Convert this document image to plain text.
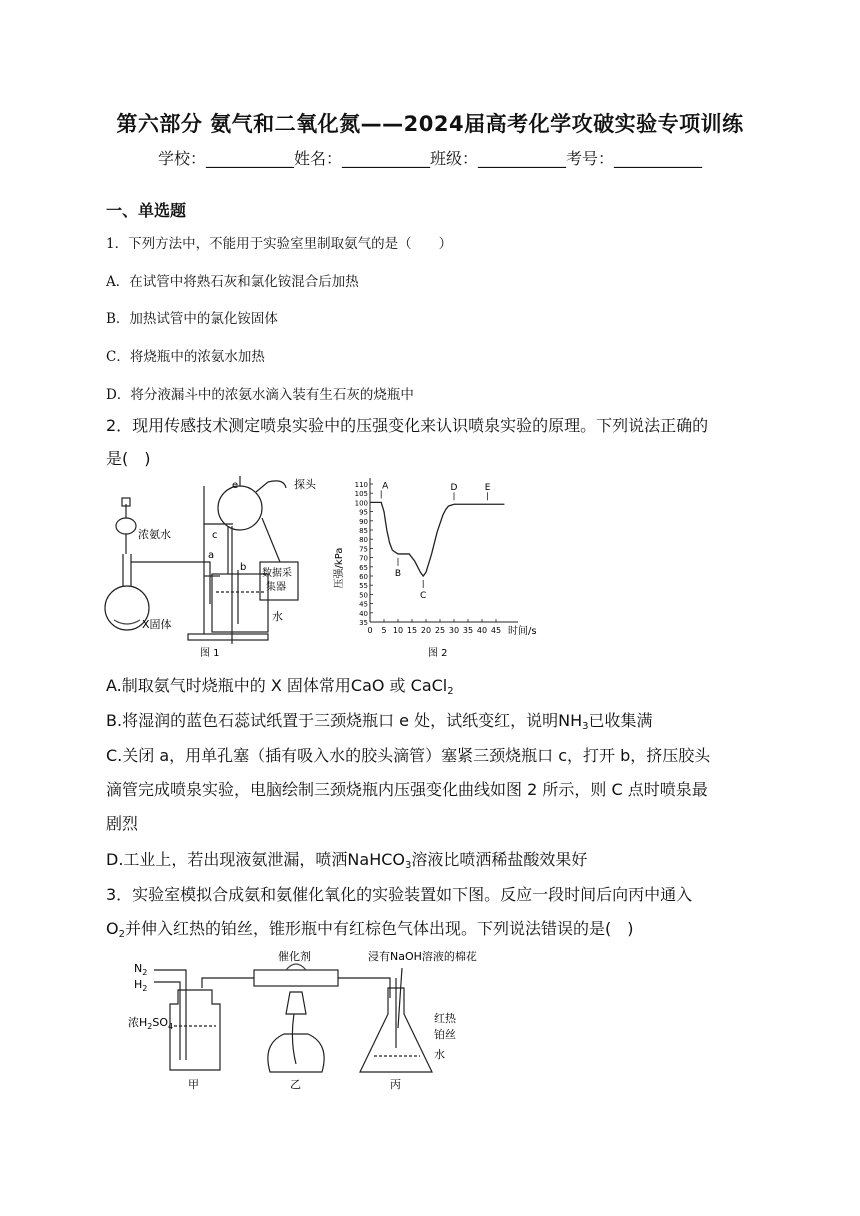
第六部分 氨气和二氧化氮——2024届高考化学攻破实验专项训练
学校：___________姓名：___________班级：___________考号：___________
一、单选题
1．下列方法中，不能用于实验室里制取氨气的是（　　）
A．在试管中将熟石灰和氯化铵混合后加热
B．加热试管中的氯化铵固体
C．将烧瓶中的浓氨水加热
D．将分液漏斗中的浓氨水滴入装有生石灰的烧瓶中
2．现用传感技术测定喷泉实验中的压强变化来认识喷泉实验的原理。下列说法正确的
是(　)
探头
浓氨水	c
a
b
e
X固体
水
数据采
集器
图 1
110
105
100
95
90
85
80
75
70
65
60
55
50
45
40
35
0 5 10 15 20 25 30 35 40 45
A
B
C
D	E
压强/kPa
时间/s
图 2
A.制取氨气时烧瓶中的 X 固体常用CaO 或 CaCl$_2$
B.将湿润的蓝色石蕊试纸置于三颈烧瓶口 e 处，试纸变红，说明$NH_3$已收集满
C.关闭 a，用单孔塞（插有吸入水的胶头滴管）塞紧三颈烧瓶口 c，打开 b，挤压胶头
滴管完成喷泉实验，电脑绘制三颈烧瓶内压强变化曲线如图 2 所示，则 C 点时喷泉最
剧烈
D.工业上，若出现液氨泄漏，喷洒NaHCO$_3$溶液比喷洒稀盐酸效果好
3．实验室模拟合成氨和氨催化氧化的实验装置如下图。反应一段时间后向丙中通入
$O_2$并伸入红热的铂丝，锥形瓶中有红棕色气体出现。下列说法错误的是(　)
$N_2$
$H_2$
浓$H_2SO_4$
催化剂	浸有NaOH溶液的棉花
红热
铂丝
水
甲	乙	丙
